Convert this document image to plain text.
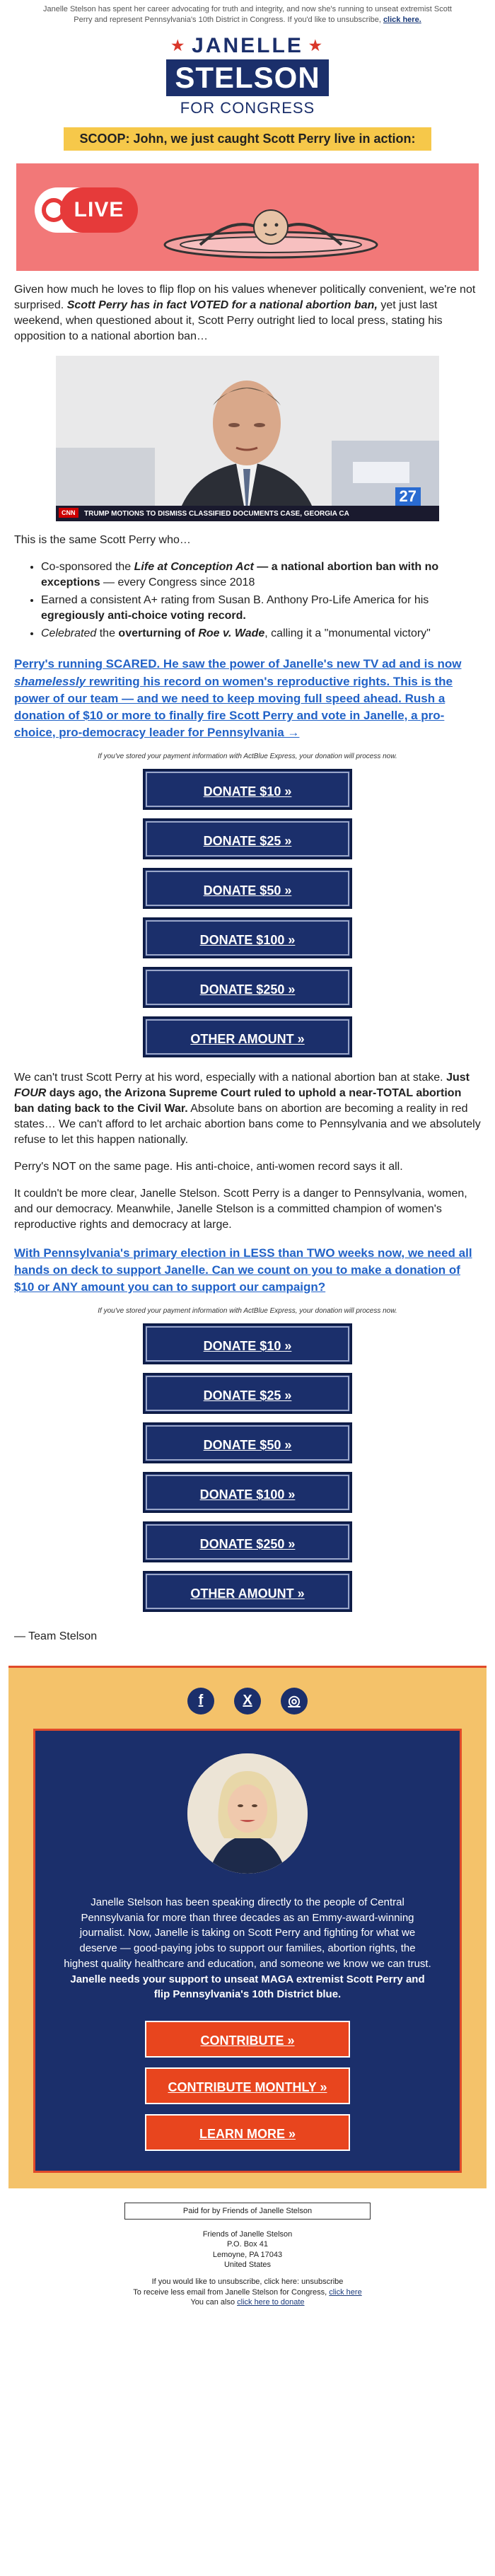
Janelle Stelson has spent her career advocating for truth and integrity, and now she's running to unseat extremist Scott Perry and represent Pennsylvania's 10th District in Congress. If you'd like to unsubscribe, click here.
★ JANELLE ★
STELSON
FOR CONGRESS
SCOOP: John, we just caught Scott Perry live in action:
LIVE

Given how much he loves to flip flop on his values whenever politically convenient, we're not surprised. Scott Perry has in fact VOTED for a national abortion ban, yet just last weekend, when questioned about it, Scott Perry outright lied to local press, stating his opposition to a national abortion ban…

CNN
27
TRUMP MOTIONS TO DISMISS CLASSIFIED DOCUMENTS CASE, GEORGIA CA

This is the same Scott Perry who…

• Co-sponsored the Life at Conception Act — a national abortion ban with no exceptions — every Congress since 2018
• Earned a consistent A+ rating from Susan B. Anthony Pro-Life America for his egregiously anti-choice voting record.
• Celebrated the overturning of Roe v. Wade, calling it a "monumental victory"

Perry's running SCARED. He saw the power of Janelle's new TV ad and is now shamelessly rewriting his record on women's reproductive rights. This is the power of our team — and we need to keep moving full speed ahead. Rush a donation of $10 or more to finally fire Scott Perry and vote in Janelle, a pro-choice, pro-democracy leader for Pennsylvania →

If you've stored your payment information with ActBlue Express, your donation will process now.
DONATE $10 »
DONATE $25 »
DONATE $50 »
DONATE $100 »
DONATE $250 »
OTHER AMOUNT »

We can't trust Scott Perry at his word, especially with a national abortion ban at stake. Just FOUR days ago, the Arizona Supreme Court ruled to uphold a near-TOTAL abortion ban dating back to the Civil War. Absolute bans on abortion are becoming a reality in red states… We can't afford to let archaic abortion bans come to Pennsylvania and we absolutely refuse to let this happen nationally.

Perry's NOT on the same page. His anti-choice, anti-women record says it all.

It couldn't be more clear, Janelle Stelson. Scott Perry is a danger to Pennsylvania, women, and our democracy. Meanwhile, Janelle Stelson is a committed champion of women's reproductive rights and democracy at large.

With Pennsylvania's primary election in LESS than TWO weeks now, we need all hands on deck to support Janelle. Can we count on you to make a donation of $10 or ANY amount you can to support our campaign?

If you've stored your payment information with ActBlue Express, your donation will process now.
DONATE $10 »
DONATE $25 »
DONATE $50 »
DONATE $100 »
DONATE $250 »
OTHER AMOUNT »
— Team Stelson
f	X	◎

Janelle Stelson has been speaking directly to the people of Central Pennsylvania for more than three decades as an Emmy-award-winning journalist. Now, Janelle is taking on Scott Perry and fighting for what we deserve — good-paying jobs to support our families, abortion rights, the highest quality healthcare and education, and someone we know we can trust. Janelle needs your support to unseat MAGA extremist Scott Perry and flip Pennsylvania's 10th District blue.

CONTRIBUTE »
CONTRIBUTE MONTHLY »
LEARN MORE »
Paid for by Friends of Janelle Stelson
Friends of Janelle Stelson
P.O. Box 41
Lemoyne, PA 17043
United States
If you would like to unsubscribe, click here: unsubscribe
To receive less email from Janelle Stelson for Congress, click here
You can also click here to donate
